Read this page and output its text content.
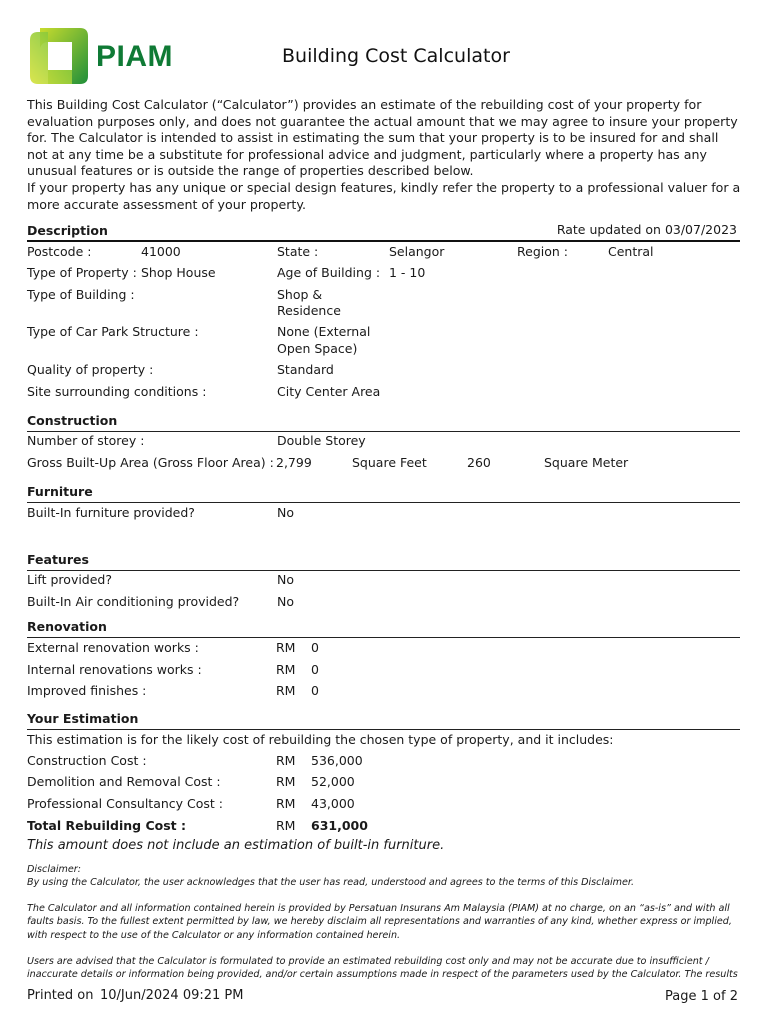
PIAM	Building Cost Calculator

This Building Cost Calculator (“Calculator”) provides an estimate of the rebuilding cost of your property for evaluation purposes only, and does not guarantee the actual amount that we may agree to insure your property for. The Calculator is intended to assist in estimating the sum that your property is to be insured for and shall not at any time be a substitute for professional advice and judgment, particularly where a property has any unusual features or is outside the range of properties described below.

If your property has any unique or special design features, kindly refer the property to a professional valuer for a more accurate assessment of your property.

Description	Rate updated on 03/07/2023
Postcode :	41000	State :	Selangor	Region :	Central
Type of Property : Shop House	Age of Building : 1 - 10
Type of Building :	Shop &
Residence
Type of Car Park Structure :	None (External
Open Space)
Quality of property :	Standard
Site surrounding conditions :	City Center Area
Construction
Number of storey :	Double Storey
Gross Built-Up Area (Gross Floor Area) : 2,799	Square Feet	260	Square Meter
Furniture
Built-In furniture provided?	No
Features
Lift provided?	No
Built-In Air conditioning provided?	No
Renovation
External renovation works :	RM 0
Internal renovations works :	RM 0
Improved finishes :	RM 0
Your Estimation
This estimation is for the likely cost of rebuilding the chosen type of property, and it includes:
Construction Cost :	RM 536,000
Demolition and Removal Cost :	RM 52,000
Professional Consultancy Cost :	RM 43,000
Total Rebuilding Cost :	RM 631,000
This amount does not include an estimation of built-in furniture.

Disclaimer:

By using the Calculator, the user acknowledges that the user has read, understood and agrees to the terms of this Disclaimer.

The Calculator and all information contained herein is provided by Persatuan Insurans Am Malaysia (PIAM) at no charge, on an “as-is” and with all faults basis. To the fullest extent permitted by law, we hereby disclaim all representations and warranties of any kind, whether express or implied, with respect to the use of the Calculator or any information contained herein.

Users are advised that the Calculator is formulated to provide an estimated rebuilding cost only and may not be accurate due to insufficient / inaccurate details or information being provided, and/or certain assumptions made in respect of the parameters used by the Calculator. The results

Printed on 10/Jun/2024 09:21 PM	Page 1 of 2
